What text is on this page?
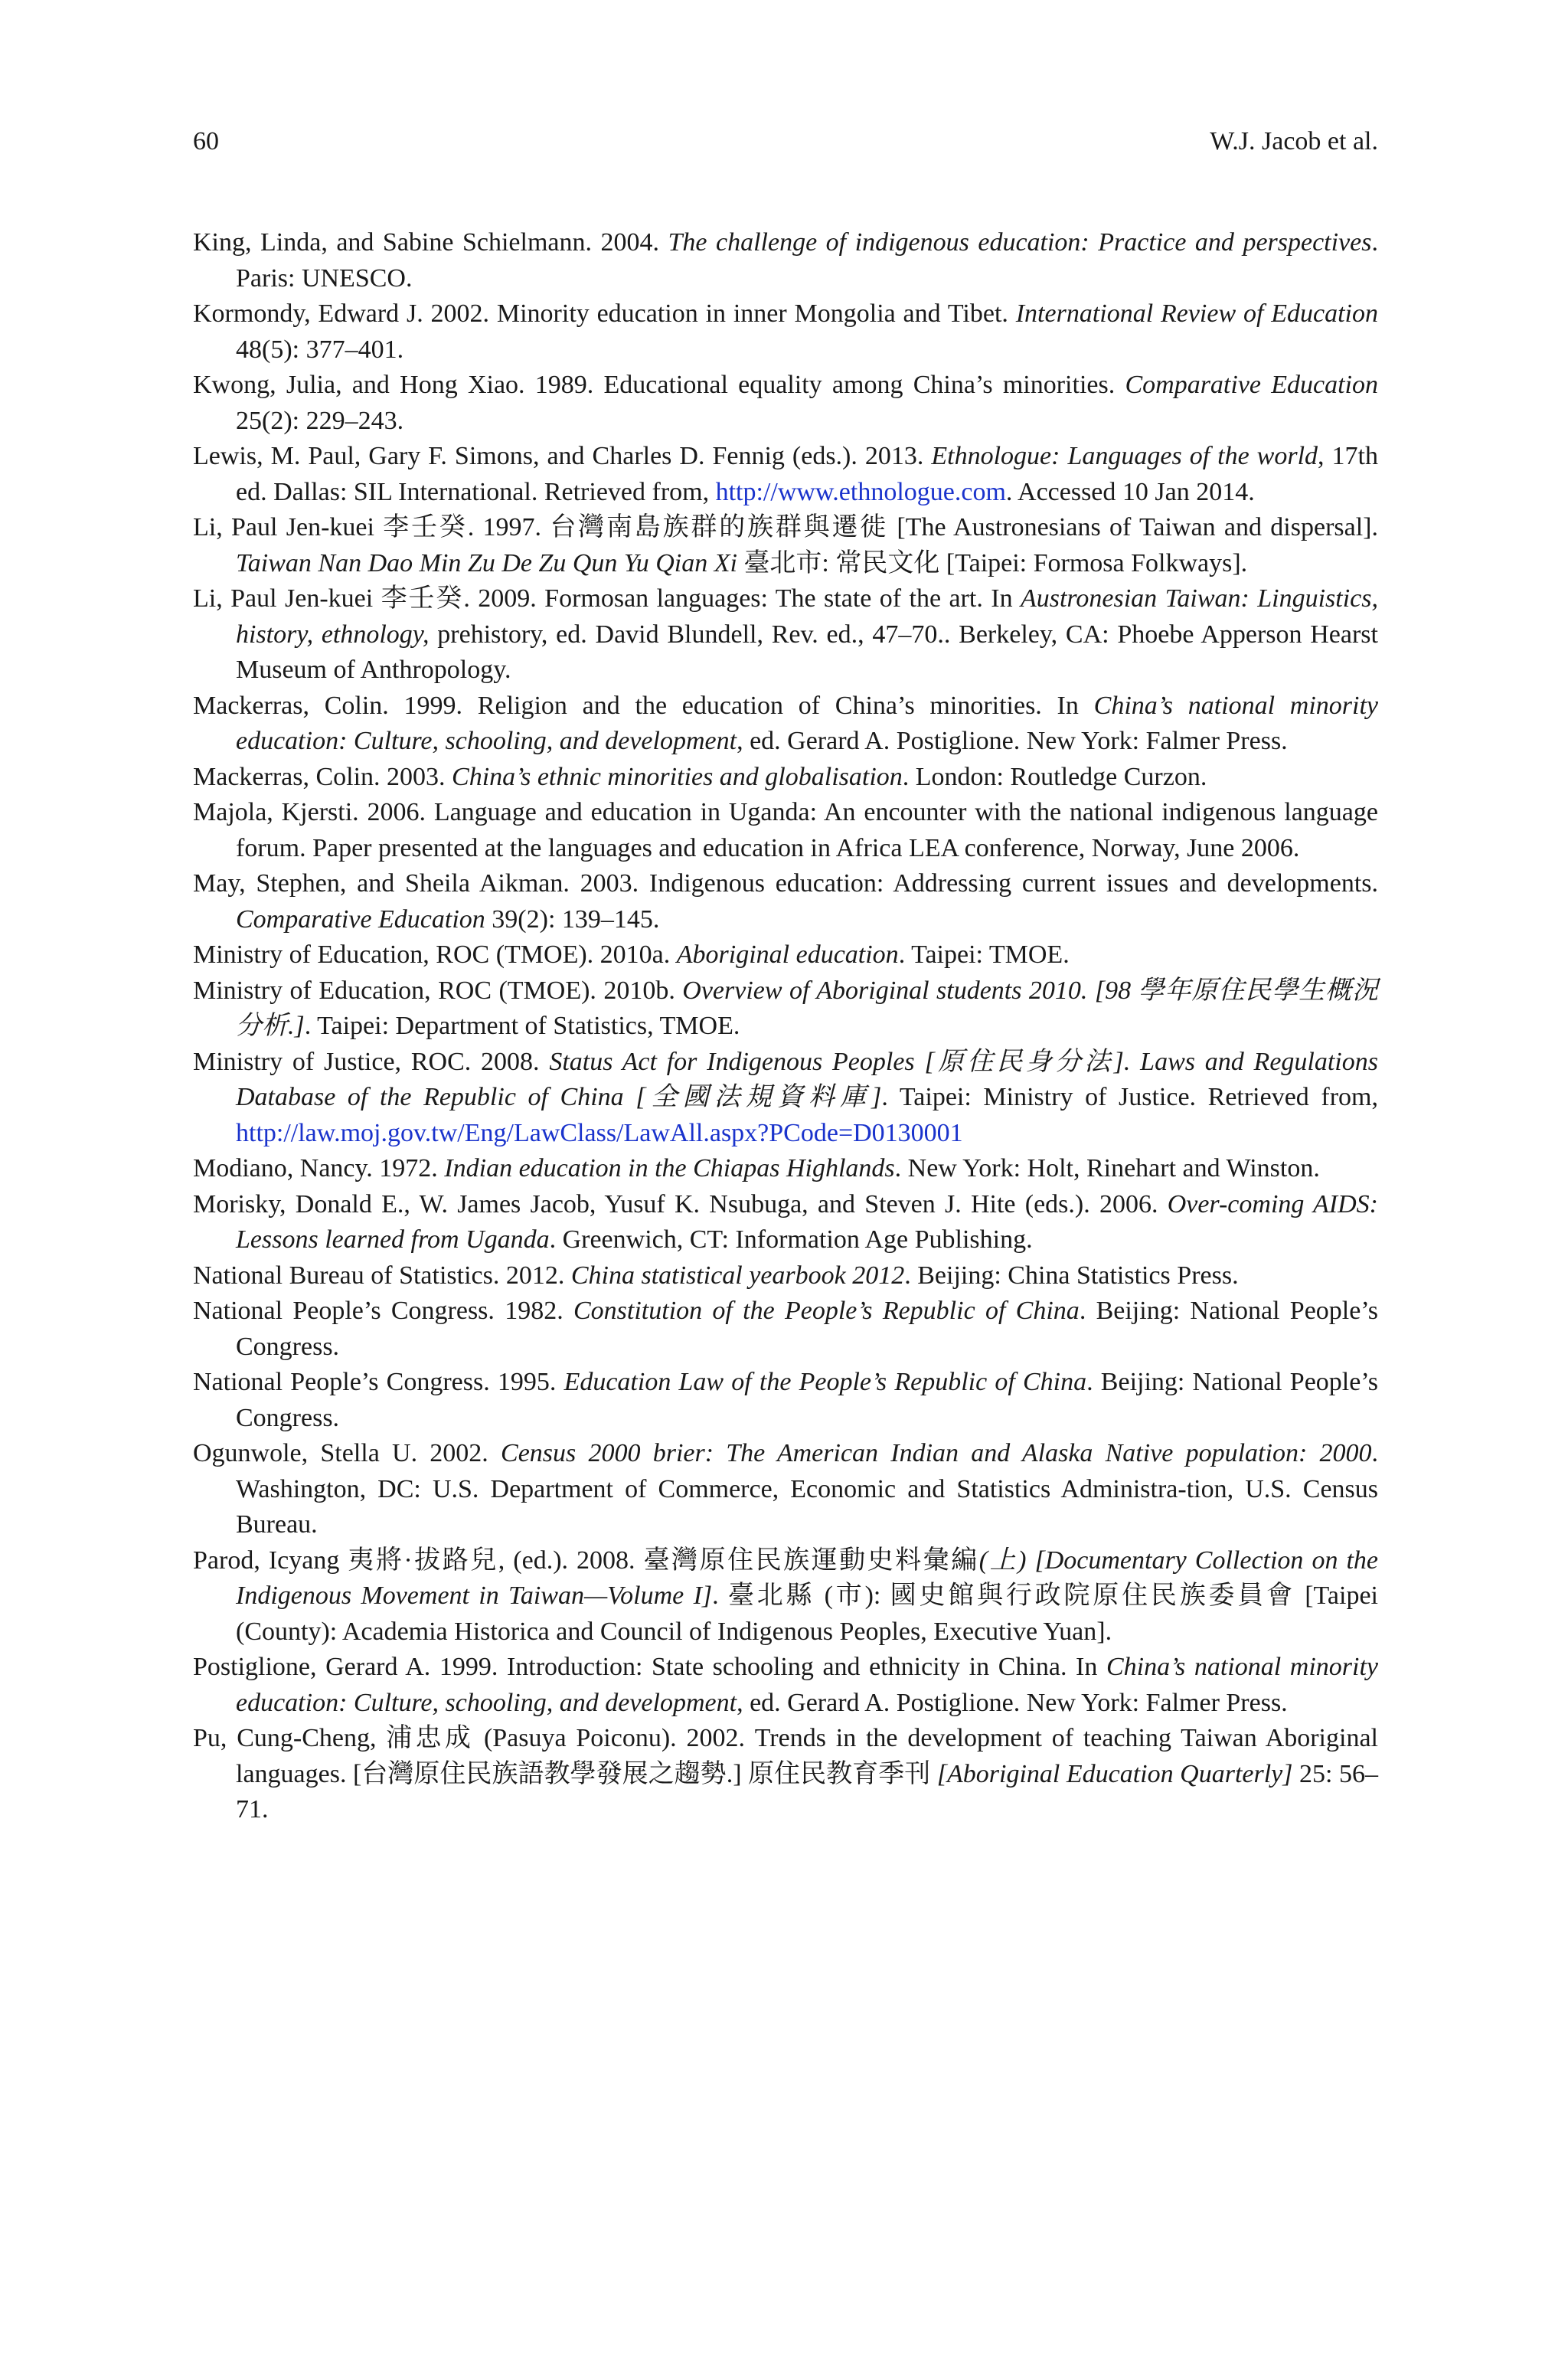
60	W.J. Jacob et al.

King, Linda, and Sabine Schielmann. 2004. The challenge of indigenous education: Practice and perspectives. Paris: UNESCO.

Kormondy, Edward J. 2002. Minority education in inner Mongolia and Tibet. International Review of Education 48(5): 377–401.

Kwong, Julia, and Hong Xiao. 1989. Educational equality among China’s minorities. Comparative Education 25(2): 229–243.

Lewis, M. Paul, Gary F. Simons, and Charles D. Fennig (eds.). 2013. Ethnologue: Languages of the world, 17th ed. Dallas: SIL International. Retrieved from, http://www.ethnologue.com. Accessed 10 Jan 2014.

Li, Paul Jen-kuei 李壬癸. 1997. 台灣南島族群的族群與遷徙 [The Austronesians of Taiwan and dispersal]. Taiwan Nan Dao Min Zu De Zu Qun Yu Qian Xi 臺北市: 常民文化 [Taipei: Formosa Folkways].

Li, Paul Jen-kuei 李壬癸. 2009. Formosan languages: The state of the art. In Austronesian Taiwan: Linguistics, history, ethnology, prehistory, ed. David Blundell, Rev. ed., 47–70.. Berkeley, CA: Phoebe Apperson Hearst Museum of Anthropology.

Mackerras, Colin. 1999. Religion and the education of China’s minorities. In China’s national minority education: Culture, schooling, and development, ed. Gerard A. Postiglione. New York: Falmer Press.

Mackerras, Colin. 2003. China’s ethnic minorities and globalisation. London: Routledge Curzon.

Majola, Kjersti. 2006. Language and education in Uganda: An encounter with the national indigenous language forum. Paper presented at the languages and education in Africa LEA conference, Norway, June 2006.

May, Stephen, and Sheila Aikman. 2003. Indigenous education: Addressing current issues and developments. Comparative Education 39(2): 139–145.

Ministry of Education, ROC (TMOE). 2010a. Aboriginal education. Taipei: TMOE.

Ministry of Education, ROC (TMOE). 2010b. Overview of Aboriginal students 2010. [98 學年原住民學生概況分析.]. Taipei: Department of Statistics, TMOE.

Ministry of Justice, ROC. 2008. Status Act for Indigenous Peoples [原住民身分法]. Laws and Regulations Database of the Republic of China [全國法規資料庫]. Taipei: Ministry of Justice. Retrieved from, http://law.moj.gov.tw/Eng/LawClass/LawAll.aspx?PCode=D0130001

Modiano, Nancy. 1972. Indian education in the Chiapas Highlands. New York: Holt, Rinehart and Winston.

Morisky, Donald E., W. James Jacob, Yusuf K. Nsubuga, and Steven J. Hite (eds.). 2006. Over-coming AIDS: Lessons learned from Uganda. Greenwich, CT: Information Age Publishing.

National Bureau of Statistics. 2012. China statistical yearbook 2012. Beijing: China Statistics Press.

National People’s Congress. 1982. Constitution of the People’s Republic of China. Beijing: National People’s Congress.

National People’s Congress. 1995. Education Law of the People’s Republic of China. Beijing: National People’s Congress.

Ogunwole, Stella U. 2002. Census 2000 brier: The American Indian and Alaska Native population: 2000. Washington, DC: U.S. Department of Commerce, Economic and Statistics Administra-tion, U.S. Census Bureau.

Parod, Icyang 夷將·拔路兒, (ed.). 2008. 臺灣原住民族運動史料彙編(上) [Documentary Collection on the Indigenous Movement in Taiwan—Volume I]. 臺北縣 (市): 國史館與行政院原住民族委員會 [Taipei (County): Academia Historica and Council of Indigenous Peoples, Executive Yuan].

Postiglione, Gerard A. 1999. Introduction: State schooling and ethnicity in China. In China’s national minority education: Culture, schooling, and development, ed. Gerard A. Postiglione. New York: Falmer Press.

Pu, Cung-Cheng, 浦忠成 (Pasuya Poiconu). 2002. Trends in the development of teaching Taiwan Aboriginal languages. [台灣原住民族語教學發展之趨勢.] 原住民教育季刊 [Aboriginal Education Quarterly] 25: 56–71.
